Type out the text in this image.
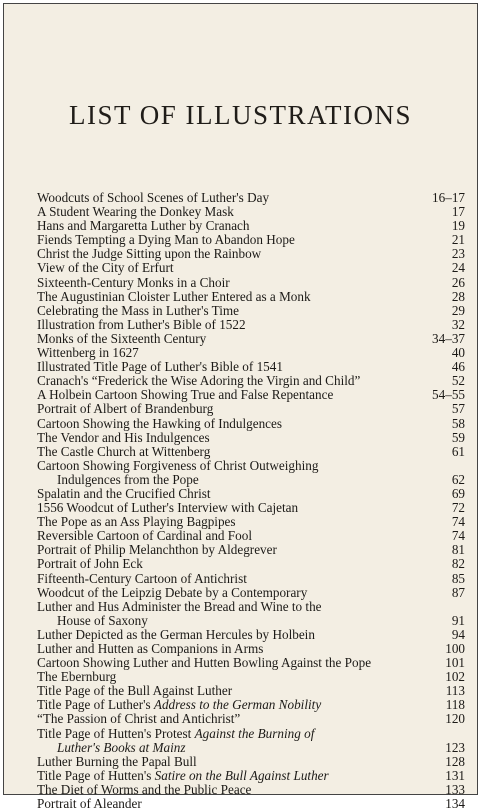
LIST OF ILLUSTRATIONS
Woodcuts of School Scenes of Luther's Day	16–17
A Student Wearing the Donkey Mask	17
Hans and Margaretta Luther by Cranach	19
Fiends Tempting a Dying Man to Abandon Hope	21
Christ the Judge Sitting upon the Rainbow	23
View of the City of Erfurt	24
Sixteenth-Century Monks in a Choir	26
The Augustinian Cloister Luther Entered as a Monk	28
Celebrating the Mass in Luther's Time	29
Illustration from Luther's Bible of 1522	32
Monks of the Sixteenth Century	34–37
Wittenberg in 1627	40
Illustrated Title Page of Luther's Bible of 1541	46
Cranach's “Frederick the Wise Adoring the Virgin and Child”	52
A Holbein Cartoon Showing True and False Repentance	54–55
Portrait of Albert of Brandenburg	57
Cartoon Showing the Hawking of Indulgences	58
The Vendor and His Indulgences	59
The Castle Church at Wittenberg	61
Cartoon Showing Forgiveness of Christ Outweighing
Indulgences from the Pope	62
Spalatin and the Crucified Christ	69
1556 Woodcut of Luther's Interview with Cajetan	72
The Pope as an Ass Playing Bagpipes	74
Reversible Cartoon of Cardinal and Fool	74
Portrait of Philip Melanchthon by Aldegrever	81
Portrait of John Eck	82
Fifteenth-Century Cartoon of Antichrist	85
Woodcut of the Leipzig Debate by a Contemporary	87
Luther and Hus Administer the Bread and Wine to the
House of Saxony	91
Luther Depicted as the German Hercules by Holbein	94
Luther and Hutten as Companions in Arms	100
Cartoon Showing Luther and Hutten Bowling Against the Pope	101
The Ebernburg	102
Title Page of the Bull Against Luther	113
Title Page of Luther's Address to the German Nobility	118
“The Passion of Christ and Antichrist”	120
Title Page of Hutten's Protest Against the Burning of
Luther's Books at Mainz	123
Luther Burning the Papal Bull	128
Title Page of Hutten's Satire on the Bull Against Luther	131
The Diet of Worms and the Public Peace	133
Portrait of Aleander	134
